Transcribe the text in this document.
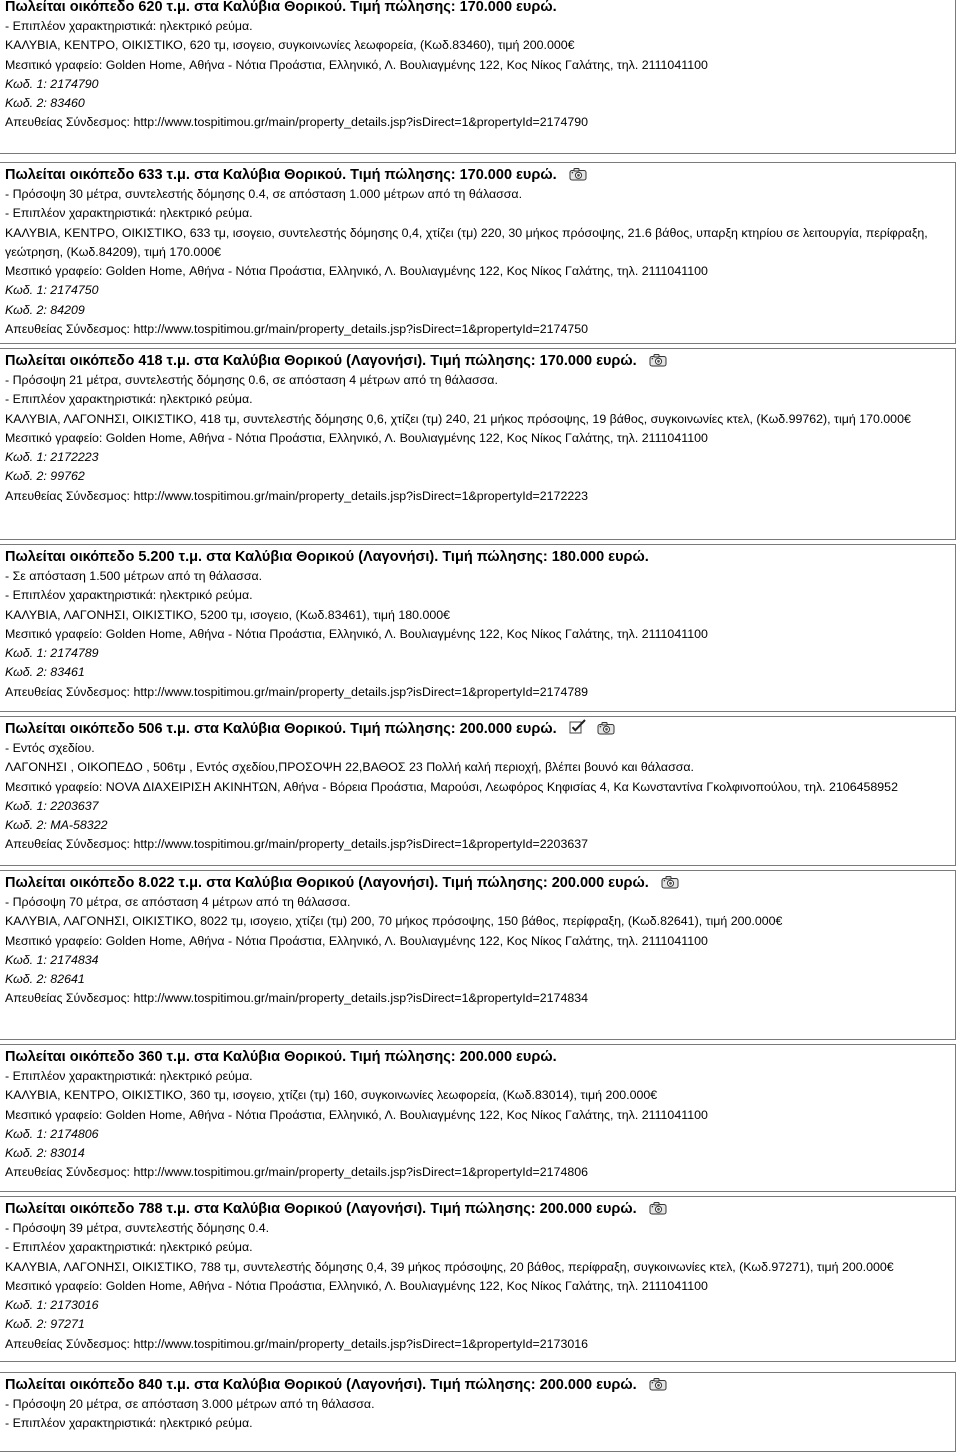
Πωλείται οικόπεδο 620 τ.μ. στα Καλύβια Θορικού. Τιμή πώλησης: 170.000 ευρώ.
- Επιπλέον χαρακτηριστικά: ηλεκτρικό ρεύμα.
ΚΑΛΥΒΙΑ, ΚΕΝΤΡΟ, ΟΙΚΙΣΤΙΚΟ, 620 τμ, ισογειο, συγκοινωνίες λεωφορεία, (Κωδ.83460), τιμή 200.000€
Μεσιτικό γραφείο: Golden Home, Αθήνα - Νότια Προάστια, Ελληνικό, Λ. Βουλιαγμένης 122, Κος Νίκος Γαλάτης, τηλ. 2111041100
Κωδ. 1: 2174790
Κωδ. 2: 83460
Απευθείας Σύνδεσμος: http://www.tospitimou.gr/main/property_details.jsp?isDirect=1&propertyId=2174790
Πωλείται οικόπεδο 633 τ.μ. στα Καλύβια Θορικού. Τιμή πώλησης: 170.000 ευρώ.
- Πρόσοψη 30 μέτρα, συντελεστής δόμησης 0.4, σε απόσταση 1.000 μέτρων από τη θάλασσα.
- Επιπλέον χαρακτηριστικά: ηλεκτρικό ρεύμα.
ΚΑΛΥΒΙΑ, ΚΕΝΤΡΟ, ΟΙΚΙΣΤΙΚΟ, 633 τμ, ισογειο, συντελεστής δόμησης 0,4, χτίζει (τμ) 220, 30 μήκος πρόσοψης, 21.6 βάθος, υπαρξη κτηρίου σε λειτουργία, περίφραξη, γεώτρηση, (Κωδ.84209), τιμή 170.000€
Μεσιτικό γραφείο: Golden Home, Αθήνα - Νότια Προάστια, Ελληνικό, Λ. Βουλιαγμένης 122, Κος Νίκος Γαλάτης, τηλ. 2111041100
Κωδ. 1: 2174750
Κωδ. 2: 84209
Απευθείας Σύνδεσμος: http://www.tospitimou.gr/main/property_details.jsp?isDirect=1&propertyId=2174750
Πωλείται οικόπεδο 418 τ.μ. στα Καλύβια Θορικού (Λαγονήσι). Τιμή πώλησης: 170.000 ευρώ.
- Πρόσοψη 21 μέτρα, συντελεστής δόμησης 0.6, σε απόσταση 4 μέτρων από τη θάλασσα.
- Επιπλέον χαρακτηριστικά: ηλεκτρικό ρεύμα.
ΚΑΛΥΒΙΑ, ΛΑΓΟΝΗΣΙ, ΟΙΚΙΣΤΙΚΟ, 418 τμ, συντελεστής δόμησης 0,6, χτίζει (τμ) 240, 21 μήκος πρόσοψης, 19 βάθος, συγκοινωνίες κτελ, (Κωδ.99762), τιμή 170.000€
Μεσιτικό γραφείο: Golden Home, Αθήνα - Νότια Προάστια, Ελληνικό, Λ. Βουλιαγμένης 122, Κος Νίκος Γαλάτης, τηλ. 2111041100
Κωδ. 1: 2172223
Κωδ. 2: 99762
Απευθείας Σύνδεσμος: http://www.tospitimou.gr/main/property_details.jsp?isDirect=1&propertyId=2172223
Πωλείται οικόπεδο 5.200 τ.μ. στα Καλύβια Θορικού (Λαγονήσι). Τιμή πώλησης: 180.000 ευρώ.
- Σε απόσταση 1.500 μέτρων από τη θάλασσα.
- Επιπλέον χαρακτηριστικά: ηλεκτρικό ρεύμα.
ΚΑΛΥΒΙΑ, ΛΑΓΟΝΗΣΙ, ΟΙΚΙΣΤΙΚΟ, 5200 τμ, ισογειο, (Κωδ.83461), τιμή 180.000€
Μεσιτικό γραφείο: Golden Home, Αθήνα - Νότια Προάστια, Ελληνικό, Λ. Βουλιαγμένης 122, Κος Νίκος Γαλάτης, τηλ. 2111041100
Κωδ. 1: 2174789
Κωδ. 2: 83461
Απευθείας Σύνδεσμος: http://www.tospitimou.gr/main/property_details.jsp?isDirect=1&propertyId=2174789
Πωλείται οικόπεδο 506 τ.μ. στα Καλύβια Θορικού. Τιμή πώλησης: 200.000 ευρώ.
- Εντός σχεδίου.
ΛΑΓΟΝΗΣΙ , ΟΙΚΟΠΕΔΟ , 506τμ , Εντός σχεδίου,ΠΡΟΣΟΨΗ 22,ΒΑΘΟΣ 23 Πολλή καλή περιοχή, βλέπει βουνό και θάλασσα.
Μεσιτικό γραφείο: NOVA ΔΙΑΧΕΙΡΙΣΗ ΑΚΙΝΗΤΩΝ, Αθήνα - Βόρεια Προάστια, Μαρούσι, Λεωφόρος Κηφισίας 4, Κα Κωνσταντίνα Γκολφινοπούλου, τηλ. 2106458952
Κωδ. 1: 2203637
Κωδ. 2: MA-58322
Απευθείας Σύνδεσμος: http://www.tospitimou.gr/main/property_details.jsp?isDirect=1&propertyId=2203637
Πωλείται οικόπεδο 8.022 τ.μ. στα Καλύβια Θορικού (Λαγονήσι). Τιμή πώλησης: 200.000 ευρώ.
- Πρόσοψη 70 μέτρα, σε απόσταση 4 μέτρων από τη θάλασσα.
ΚΑΛΥΒΙΑ, ΛΑΓΟΝΗΣΙ, ΟΙΚΙΣΤΙΚΟ, 8022 τμ, ισογειο, χτίζει (τμ) 200, 70 μήκος πρόσοψης, 150 βάθος, περίφραξη, (Κωδ.82641), τιμή 200.000€
Μεσιτικό γραφείο: Golden Home, Αθήνα - Νότια Προάστια, Ελληνικό, Λ. Βουλιαγμένης 122, Κος Νίκος Γαλάτης, τηλ. 2111041100
Κωδ. 1: 2174834
Κωδ. 2: 82641
Απευθείας Σύνδεσμος: http://www.tospitimou.gr/main/property_details.jsp?isDirect=1&propertyId=2174834
Πωλείται οικόπεδο 360 τ.μ. στα Καλύβια Θορικού. Τιμή πώλησης: 200.000 ευρώ.
- Επιπλέον χαρακτηριστικά: ηλεκτρικό ρεύμα.
ΚΑΛΥΒΙΑ, ΚΕΝΤΡΟ, ΟΙΚΙΣΤΙΚΟ, 360 τμ, ισογειο, χτίζει (τμ) 160, συγκοινωνίες λεωφορεία, (Κωδ.83014), τιμή 200.000€
Μεσιτικό γραφείο: Golden Home, Αθήνα - Νότια Προάστια, Ελληνικό, Λ. Βουλιαγμένης 122, Κος Νίκος Γαλάτης, τηλ. 2111041100
Κωδ. 1: 2174806
Κωδ. 2: 83014
Απευθείας Σύνδεσμος: http://www.tospitimou.gr/main/property_details.jsp?isDirect=1&propertyId=2174806
Πωλείται οικόπεδο 788 τ.μ. στα Καλύβια Θορικού (Λαγονήσι). Τιμή πώλησης: 200.000 ευρώ.
- Πρόσοψη 39 μέτρα, συντελεστής δόμησης 0.4.
- Επιπλέον χαρακτηριστικά: ηλεκτρικό ρεύμα.
ΚΑΛΥΒΙΑ, ΛΑΓΟΝΗΣΙ, ΟΙΚΙΣΤΙΚΟ, 788 τμ, συντελεστής δόμησης 0,4, 39 μήκος πρόσοψης, 20 βάθος, περίφραξη, συγκοινωνίες κτελ, (Κωδ.97271), τιμή 200.000€
Μεσιτικό γραφείο: Golden Home, Αθήνα - Νότια Προάστια, Ελληνικό, Λ. Βουλιαγμένης 122, Κος Νίκος Γαλάτης, τηλ. 2111041100
Κωδ. 1: 2173016
Κωδ. 2: 97271
Απευθείας Σύνδεσμος: http://www.tospitimou.gr/main/property_details.jsp?isDirect=1&propertyId=2173016
Πωλείται οικόπεδο 840 τ.μ. στα Καλύβια Θορικού (Λαγονήσι). Τιμή πώλησης: 200.000 ευρώ.
- Πρόσοψη 20 μέτρα, σε απόσταση 3.000 μέτρων από τη θάλασσα.
- Επιπλέον χαρακτηριστικά: ηλεκτρικό ρεύμα.
